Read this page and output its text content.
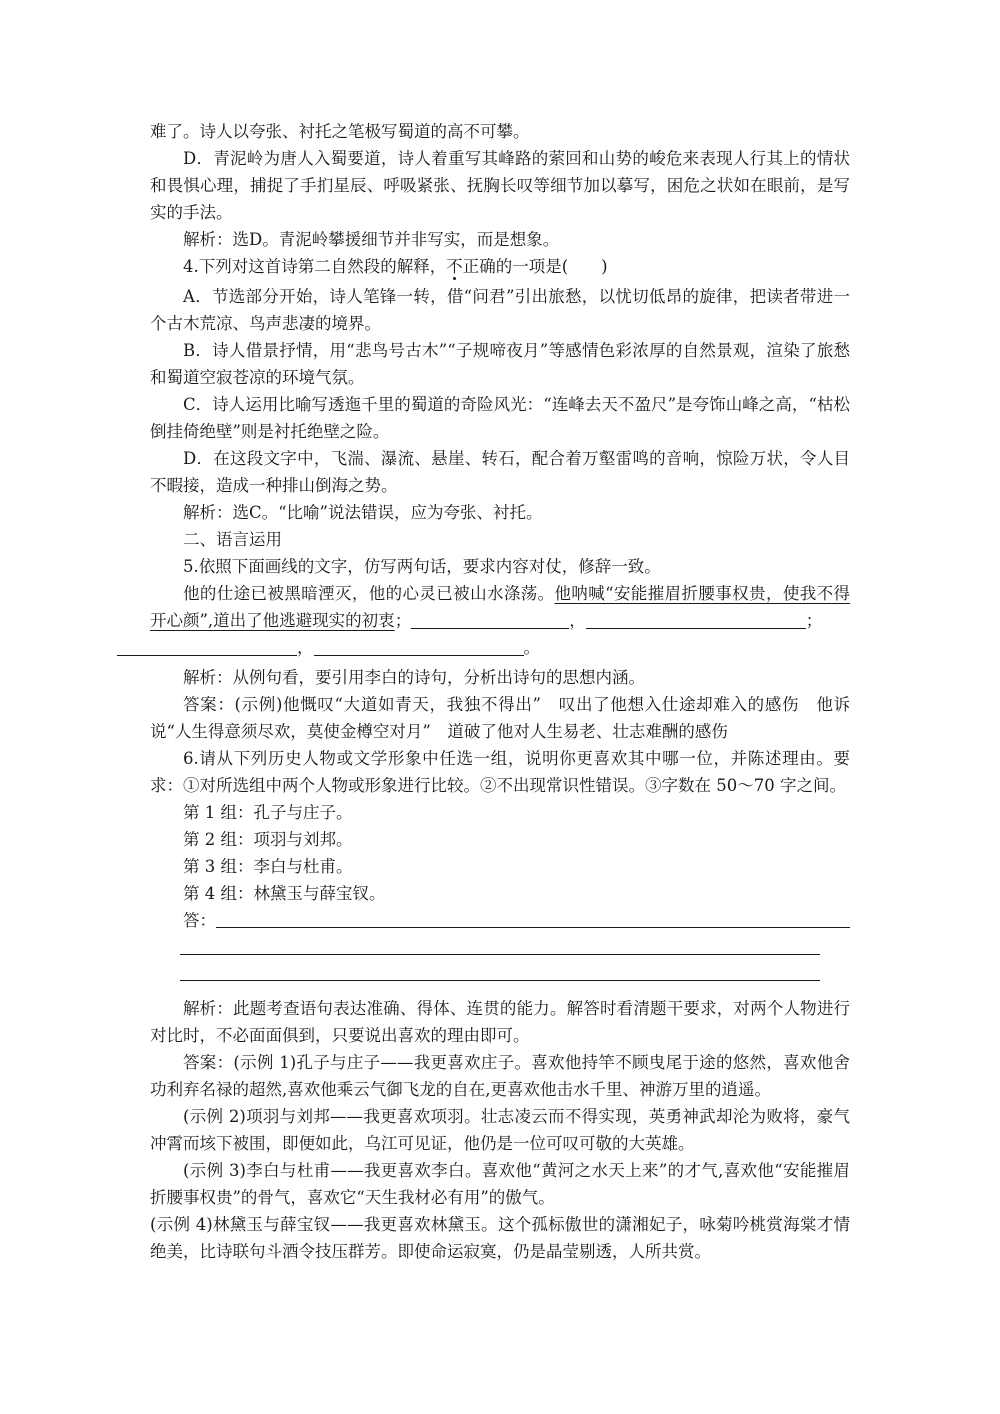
难了。诗人以夸张、衬托之笔极写蜀道的高不可攀。

D．青泥岭为唐人入蜀要道，诗人着重写其峰路的萦回和山势的峻危来表现人行其上的情状和畏惧心理，捕捉了手扪星辰、呼吸紧张、抚胸长叹等细节加以摹写，困危之状如在眼前，是写实的手法。

解析：选D。青泥岭攀援细节并非写实，而是想象。

4.下列对这首诗第二自然段的解释，不正确的一项是(　　)

A．节选部分开始，诗人笔锋一转，借“问君”引出旅愁，以忧切低昂的旋律，把读者带进一个古木荒凉、鸟声悲凄的境界。

B．诗人借景抒情，用“悲鸟号古木”“子规啼夜月”等感情色彩浓厚的自然景观，渲染了旅愁和蜀道空寂苍凉的环境气氛。

C．诗人运用比喻写透迤千里的蜀道的奇险风光：“连峰去天不盈尺”是夸饰山峰之高，“枯松倒挂倚绝壁”则是衬托绝壁之险。

D．在这段文字中，飞湍、瀑流、悬崖、转石，配合着万壑雷鸣的音响，惊险万状，令人目不暇接，造成一种排山倒海之势。

解析：选C。“比喻”说法错误，应为夸张、衬托。

二、语言运用

5.依照下面画线的文字，仿写两句话，要求内容对仗，修辞一致。

他的仕途已被黑暗湮灭，他的心灵已被山水涤荡。他呐喊“安能摧眉折腰事权贵，使我不得开心颜”,道出了他逃避现实的初衷；	，	；
，	。

解析：从例句看，要引用李白的诗句，分析出诗句的思想内涵。

答案：(示例)他慨叹“大道如青天，我独不得出”　叹出了他想入仕途却难入的感伤　他诉说“人生得意须尽欢，莫使金樽空对月”　道破了他对人生易老、壮志难酬的感伤

6.请从下列历史人物或文学形象中任选一组，说明你更喜欢其中哪一位，并陈述理由。要求：①对所选组中两个人物或形象进行比较。②不出现常识性错误。③字数在 50～70 字之间。

第 1 组：孔子与庄子。

第 2 组：项羽与刘邦。

第 3 组：李白与杜甫。

第 4 组：林黛玉与薛宝钗。

答：

解析：此题考查语句表达准确、得体、连贯的能力。解答时看清题干要求，对两个人物进行对比时，不必面面俱到，只要说出喜欢的理由即可。

答案：(示例 1)孔子与庄子——我更喜欢庄子。喜欢他持竿不顾曳尾于途的悠然，喜欢他舍功利弃名禄的超然,喜欢他乘云气御飞龙的自在,更喜欢他击水千里、神游万里的逍遥。

(示例 2)项羽与刘邦——我更喜欢项羽。壮志凌云而不得实现，英勇神武却沦为败将，豪气冲霄而垓下被围，即便如此，乌江可见证，他仍是一位可叹可敬的大英雄。

(示例 3)李白与杜甫——我更喜欢李白。喜欢他“黄河之水天上来”的才气,喜欢他“安能摧眉折腰事权贵”的骨气，喜欢它“天生我材必有用”的傲气。

(示例 4)林黛玉与薛宝钗——我更喜欢林黛玉。这个孤标傲世的潇湘妃子，咏菊吟桃赏海棠才情绝美，比诗联句斗酒令技压群芳。即使命运寂寞，仍是晶莹剔透，人所共赏。
